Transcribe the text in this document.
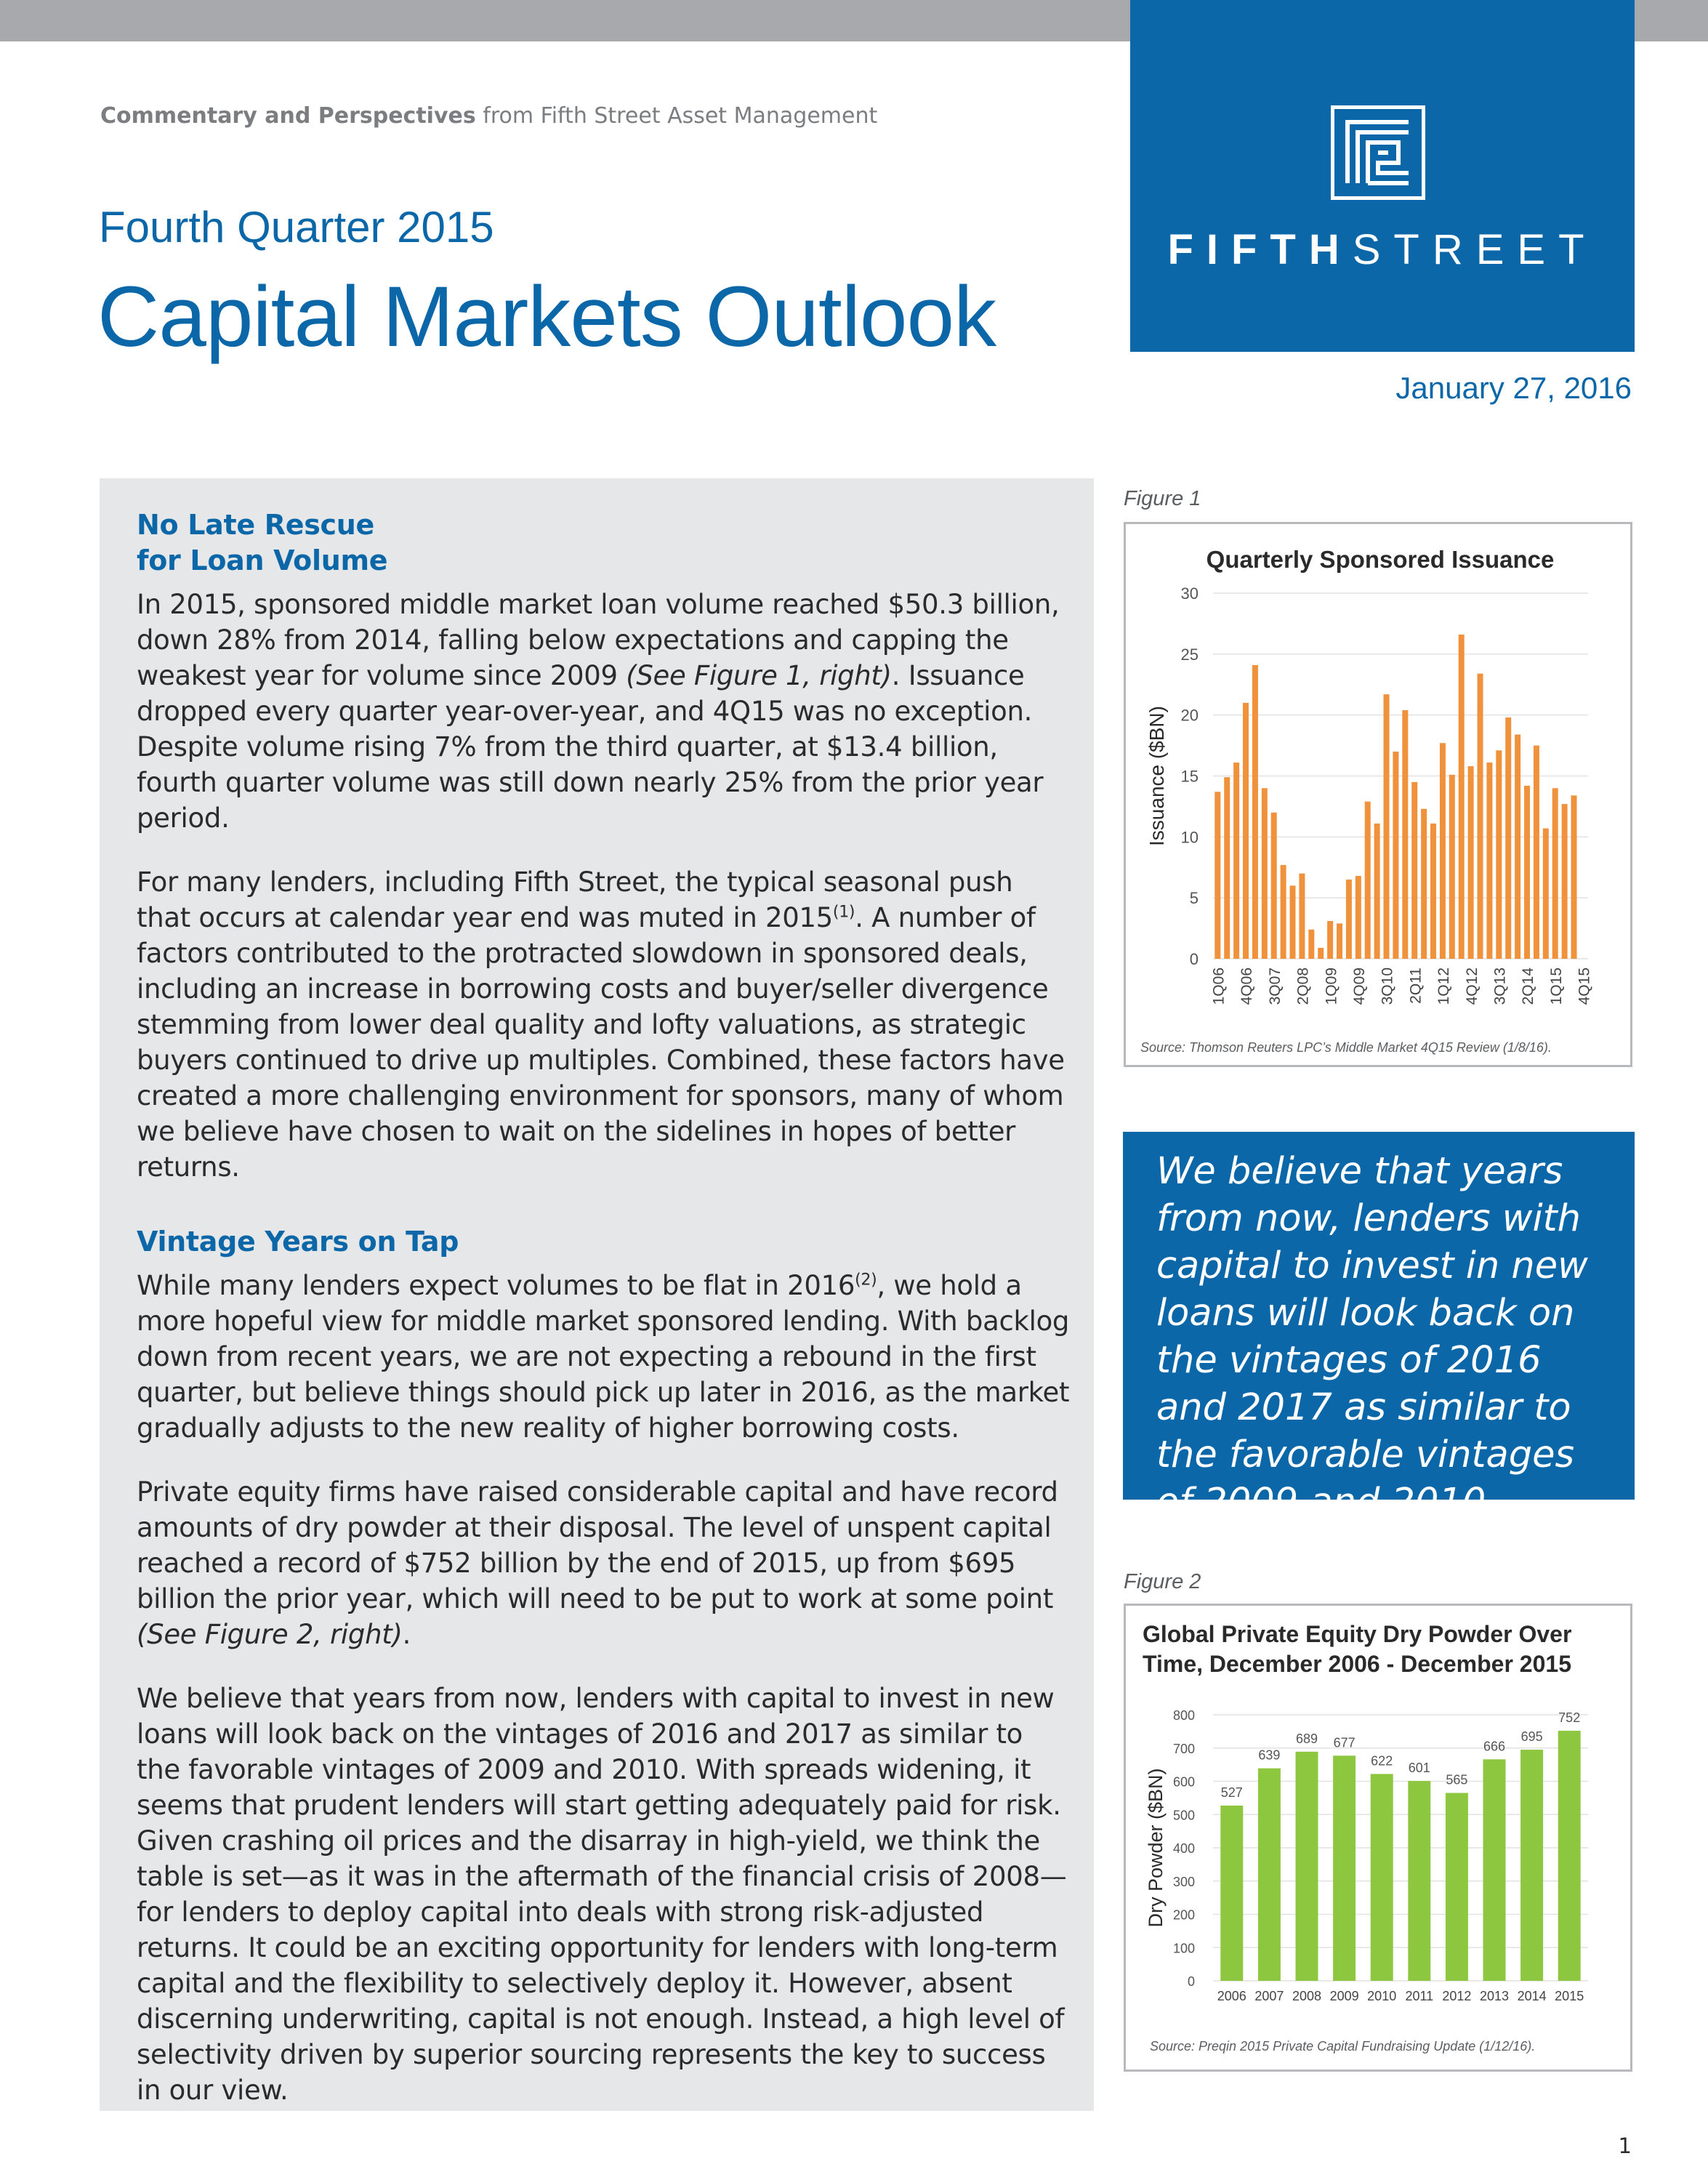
FIFTHSTREET
Commentary and Perspectives from Fifth Street Asset Management
Fourth Quarter 2015
Capital Markets Outlook
January 27, 2016
No Late Rescue
for Loan Volume

In 2015, sponsored middle market loan volume reached $50.3 billion, down 28% from 2014, falling below expectations and capping the weakest year for volume since 2009 (See Figure 1, right). Issuance dropped every quarter year-over-year, and 4Q15 was no exception. Despite volume rising 7% from the third quarter, at $13.4 billion, fourth quarter volume was still down nearly 25% from the prior year period.

For many lenders, including Fifth Street, the typical seasonal push that occurs at calendar year end was muted in 2015$^{(1)}$. A number of factors contributed to the protracted slowdown in sponsored deals, including an increase in borrowing costs and buyer/seller divergence stemming from lower deal quality and lofty valuations, as strategic buyers continued to drive up multiples. Combined, these factors have created a more challenging environment for sponsors, many of whom we believe have chosen to wait on the sidelines in hopes of better returns.

Vintage Years on Tap

While many lenders expect volumes to be flat in 2016$^{(2)}$, we hold a more hopeful view for middle market sponsored lending. With backlog down from recent years, we are not expecting a rebound in the first quarter, but believe things should pick up later in 2016, as the market gradually adjusts to the new reality of higher borrowing costs.

Private equity firms have raised considerable capital and have record amounts of dry powder at their disposal. The level of unspent capital reached a record of $752 billion by the end of 2015, up from $695 billion the prior year, which will need to be put to work at some point (See Figure 2, right).

We believe that years from now, lenders with capital to invest in new loans will look back on the vintages of 2016 and 2017 as similar to the favorable vintages of 2009 and 2010. With spreads widening, it seems that prudent lenders will start getting adequately paid for risk. Given crashing oil prices and the disarray in high-yield, we think the table is set—as it was in the aftermath of the financial crisis of 2008—for lenders to deploy capital into deals with strong risk-adjusted returns. It could be an exciting opportunity for lenders with long-term capital and the flexibility to selectively deploy it. However, absent discerning underwriting, capital is not enough. Instead, a high level of selectivity driven by superior sourcing represents the key to success in our view.

Figure 1
Quarterly Sponsored Issuance
0
5
10
15
20
25
30
Issuance ($BN)
1Q06 4Q06 3Q07 2Q08 1Q09 4Q09 3Q10 2Q11 1Q12 4Q12 3Q13 2Q14 1Q15 4Q15
Source: Thomson Reuters LPC’s Middle Market 4Q15 Review (1/8/16).
We believe that years from now, lenders with capital to invest in new loans will look back on the vintages of 2016 and 2017 as similar to the favorable vintages of 2009 and 2010.
Figure 2
Global Private Equity Dry Powder Over
Time, December 2006 - December 2015
0
100
200
300
400
500
600
700
800
Dry Powder ($BN)	527
2006
639
2007
689
2008
677
2009
622
2010
601
2011
565
2012
666
2013
695
2014
752
2015
Source: Preqin 2015 Private Capital Fundraising Update (1/12/16).
1
